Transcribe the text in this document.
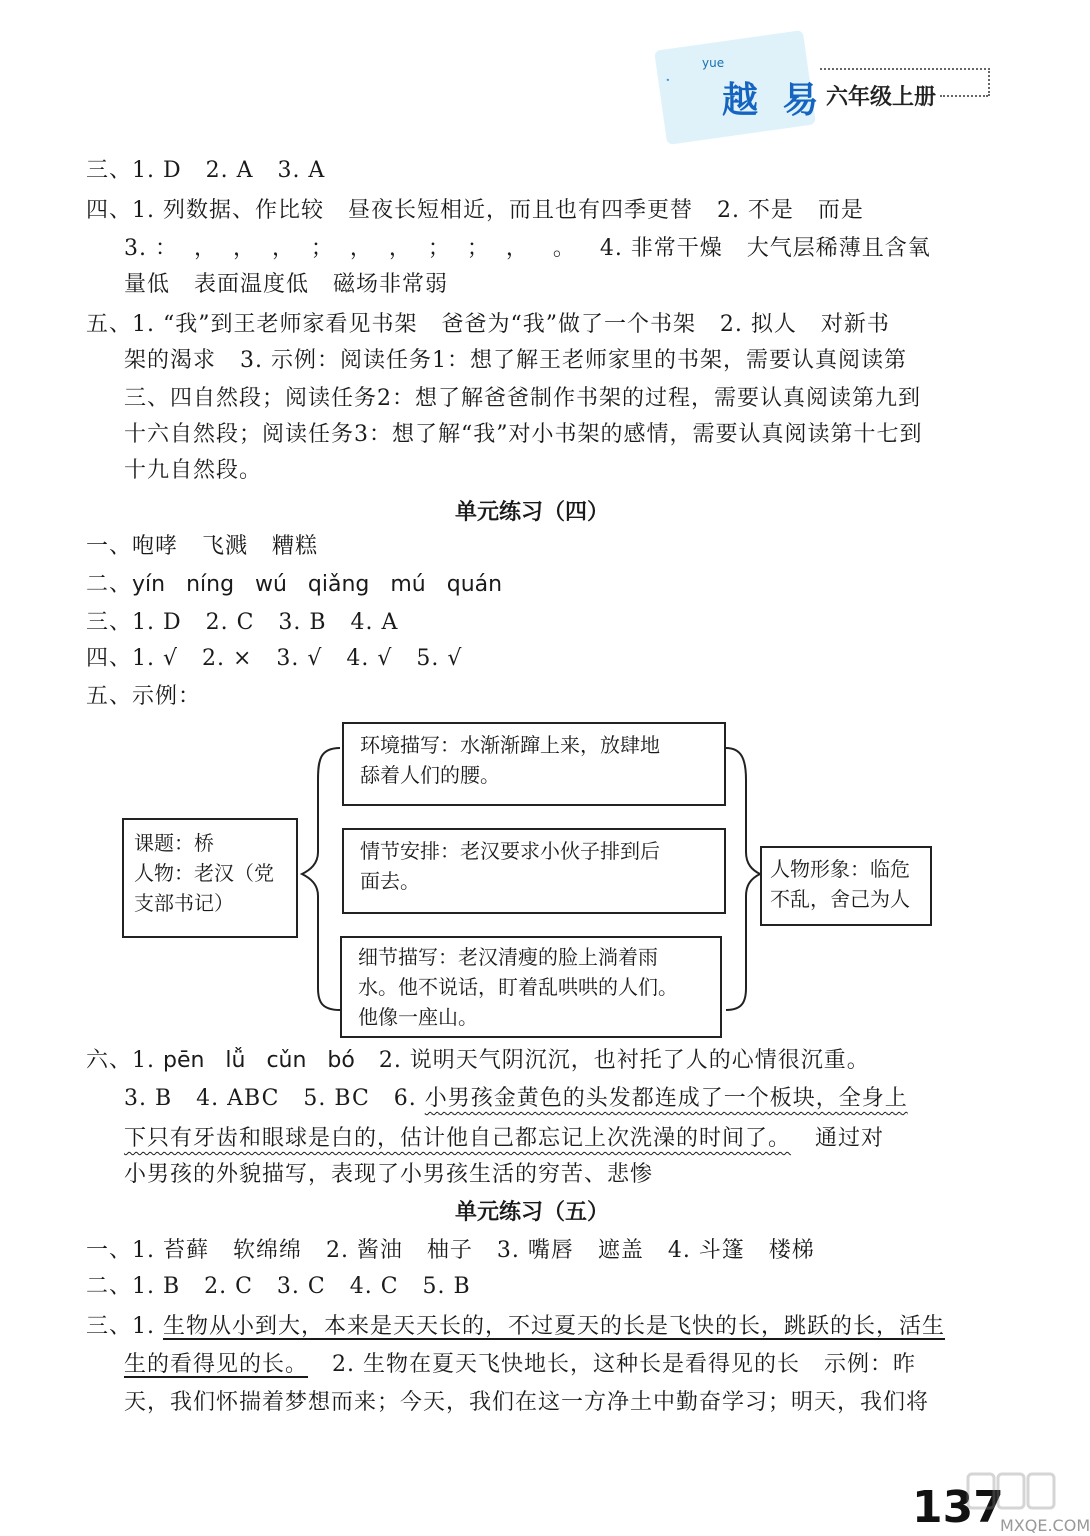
·
yue
越 易 六年级上册
三、1. D   2. A   3. A
四、1. 列数据、作比较   昼夜长短相近，而且也有四季更替   2. 不是   而是
3. ：  ，  ，  ，  ；  ，  ，  ；  ；  ，   。   4. 非常干燥   大气层稀薄且含氧
量低   表面温度低   磁场非常弱
五、1. “我”到王老师家看见书架   爸爸为“我”做了一个书架   2. 拟人   对新书
架的渴求   3. 示例：阅读任务1：想了解王老师家里的书架，需要认真阅读第
三、四自然段；阅读任务2：想了解爸爸制作书架的过程，需要认真阅读第九到
十六自然段；阅读任务3：想了解“我”对小书架的感情，需要认真阅读第十七到
十九自然段。
单元练习（四）
一、咆哮   飞溅   糟糕
二、yín   níng   wú   qiǎng   mú   quán
三、1. D   2. C   3. B   4. A
四、1. √   2. ×   3. √   4. √   5. √
五、示例：
课题：桥
人物：老汉（党
支部书记）
环境描写：水渐渐蹿上来，放肆地
舔着人们的腰。
情节安排：老汉要求小伙子排到后
面去。
细节描写：老汉清瘦的脸上淌着雨
水。他不说话，盯着乱哄哄的人们。
他像一座山。
人物形象：临危
不乱，舍己为人
六、1. pēn   lǚ   cǔn   bó   2. 说明天气阴沉沉，也衬托了人的心情很沉重。
3. B   4. ABC   5. BC   6. 小男孩金黄色的头发都连成了一个板块，全身上
下只有牙齿和眼球是白的，估计他自己都忘记上次洗澡的时间了。   通过对
小男孩的外貌描写，表现了小男孩生活的穷苦、悲惨
单元练习（五）
一、1. 苔藓   软绵绵   2. 酱油   柚子   3. 嘴唇   遮盖   4. 斗篷   楼梯
二、1. B   2. C   3. C   4. C   5. B
三、1. 生物从小到大，本来是天天长的，不过夏天的长是飞快的长，跳跃的长，活生
生的看得见的长。   2. 生物在夏天飞快地长，这种长是看得见的长   示例：昨
天，我们怀揣着梦想而来；今天，我们在这一方净土中勤奋学习；明天，我们将
137
MXQE.COM
